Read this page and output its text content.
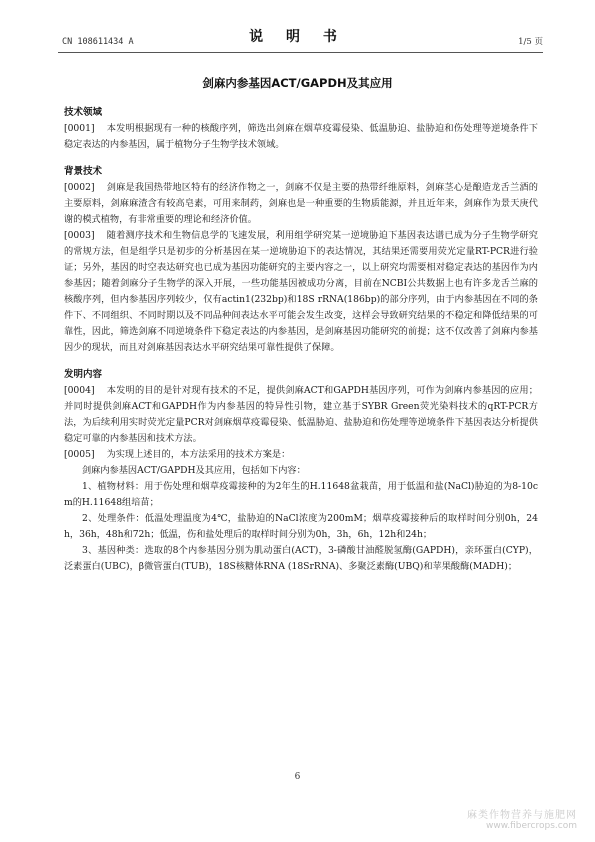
CN 108611434 A	说 明 书	1/5 页
剑麻内参基因ACT/GAPDH及其应用
技术领域

[0001] 本发明根据现有一种的核酸序列，筛选出剑麻在烟草疫霉侵染、低温胁迫、盐胁迫和伤处理等逆境条件下稳定表达的内参基因，属于植物分子生物学技术领域。

背景技术

[0002] 剑麻是我国热带地区特有的经济作物之一，剑麻不仅是主要的热带纤维原料，剑麻茎心是酿造龙舌兰酒的主要原料，剑麻麻渣含有较高皂素，可用来制药，剑麻也是一种重要的生物质能源，并且近年来，剑麻作为景天庚代谢的模式植物，有非常重要的理论和经济价值。

[0003] 随着测序技术和生物信息学的飞速发展，利用组学研究某一逆境胁迫下基因表达谱已成为分子生物学研究的常规方法，但是组学只是初步的分析基因在某一逆境胁迫下的表达情况，其结果还需要用荧光定量RT-PCR进行验证；另外，基因的时空表达研究也已成为基因功能研究的主要内容之一，以上研究均需要相对稳定表达的基因作为内参基因；随着剑麻分子生物学的深入开展，一些功能基因被成功分离，目前在NCBI公共数据上也有许多龙舌兰麻的核酸序列，但内参基因序列较少，仅有actin1(232bp)和18S rRNA(186bp)的部分序列，由于内参基因在不同的条件下、不同组织、不同时期以及不同品种间表达水平可能会发生改变，这样会导致研究结果的不稳定和降低结果的可靠性，因此，筛选剑麻不同逆境条件下稳定表达的内参基因，是剑麻基因功能研究的前提；这不仅改善了剑麻内参基因少的现状，而且对剑麻基因表达水平研究结果可靠性提供了保障。

发明内容

[0004] 本发明的目的是针对现有技术的不足，提供剑麻ACT和GAPDH基因序列，可作为剑麻内参基因的应用；并同时提供剑麻ACT和GAPDH作为内参基因的特异性引物，建立基于SYBR Green荧光染料技术的qRT-PCR方法，为后续利用实时荧光定量PCR对剑麻烟草疫霉侵染、低温胁迫、盐胁迫和伤处理等逆境条件下基因表达分析提供稳定可靠的内参基因和技术方法。

[0005] 为实现上述目的，本方法采用的技术方案是：

剑麻内参基因ACT/GAPDH及其应用，包括如下内容：

1、植物材料：用于伤处理和烟草疫霉接种的为2年生的H.11648盆栽苗，用于低温和盐(NaCl)胁迫的为8-10cm的H.11648组培苗；

2、处理条件：低温处理温度为4℃，盐胁迫的NaCl浓度为200mM；烟草疫霉接种后的取样时间分别0h，24h，36h，48h和72h；低温，伤和盐处理后的取样时间分别为0h，3h，6h，12h和24h；

3、基因种类：选取的8个内参基因分别为肌动蛋白(ACT)，3-磷酸甘油醛脱氢酶(GAPDH)，亲环蛋白(CYP)，泛素蛋白(UBC)，β微管蛋白(TUB)，18S核糖体RNA (18SrRNA)、多聚泛素酶(UBQ)和苹果酸酶(MADH)；

6
麻类作物营养与施肥网
www.fibercrops.com
